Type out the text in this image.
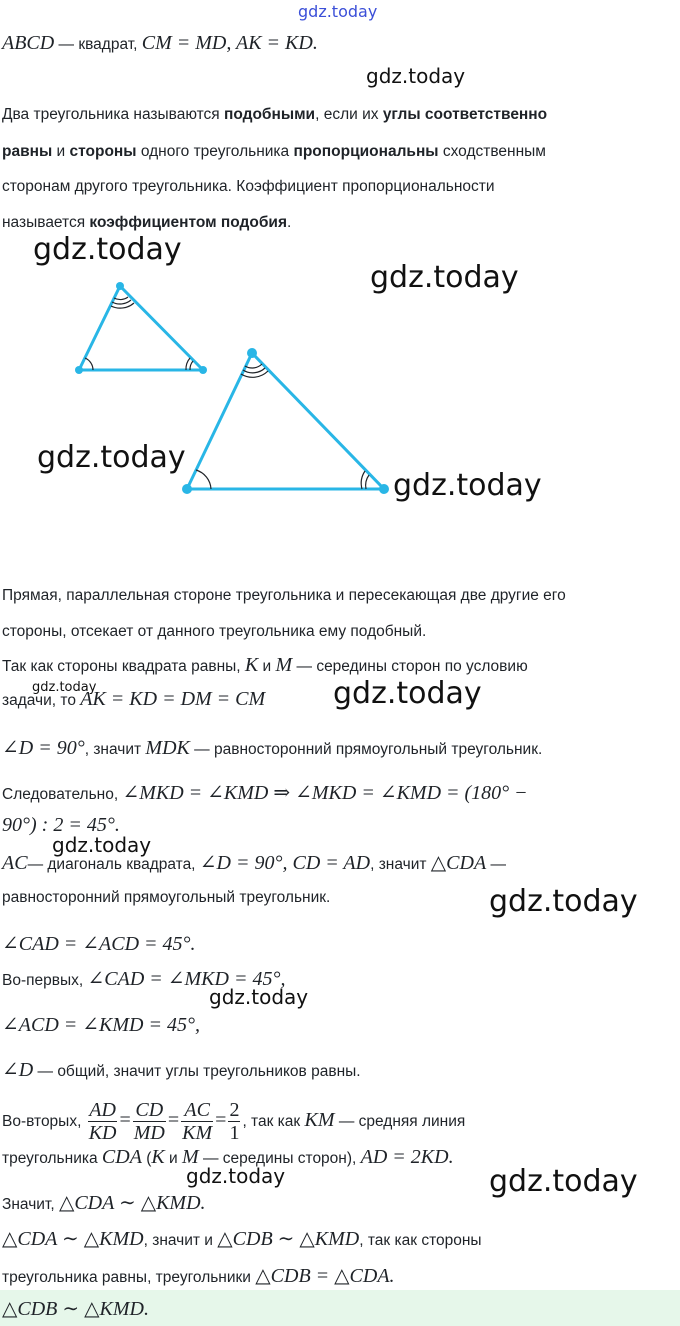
gdz.today
gdz.today
gdz.today
gdz.today
gdz.today
gdz.today
gdz.today	gdz.today
gdz.today
gdz.today
gdz.today
gdz.today	gdz.today
ABCD — квадрат, CM = MD, AK = KD.
Два треугольника называются подобными, если их углы соответственно
равны и стороны одного треугольника пропорциональны сходственным
сторонам другого треугольника. Коэффициент пропорциональности
называется коэффициентом подобия.
Прямая, параллельная стороне треугольника и пересекающая две другие его
стороны, отсекает от данного треугольника ему подобный.
Так как стороны квадрата равны, K и M — середины сторон по условию
задачи, то AK = KD = DM = CM
∠D = 90°, значит MDK — равносторонний прямоугольный треугольник.
Следовательно, ∠MKD = ∠KMD ⇒ ∠MKD = ∠KMD = (180° −
90°) : 2 = 45°.
AC— диагональ квадрата, ∠D = 90°, CD = AD, значит △CDA —
равносторонний прямоугольный треугольник.
∠CAD = ∠ACD = 45°.
Во-первых, ∠CAD = ∠MKD = 45°,
∠ACD = ∠KMD = 45°,
∠D — общий, значит углы треугольников равны.
Во-вторых, $\frac{AD}{KD} = \frac{CD}{MD} = \frac{AC}{KM} = \frac{2}{1}$ , так как KM — средняя линия
треугольника CDA (K и M — середины сторон), AD = 2KD.
Значит, △CDA ∼ △KMD.
△CDA ∼ △KMD, значит и △CDB ∼ △KMD, так как стороны
треугольника равны, треугольники △CDB = △CDA.
△CDB ∼ △KMD.
